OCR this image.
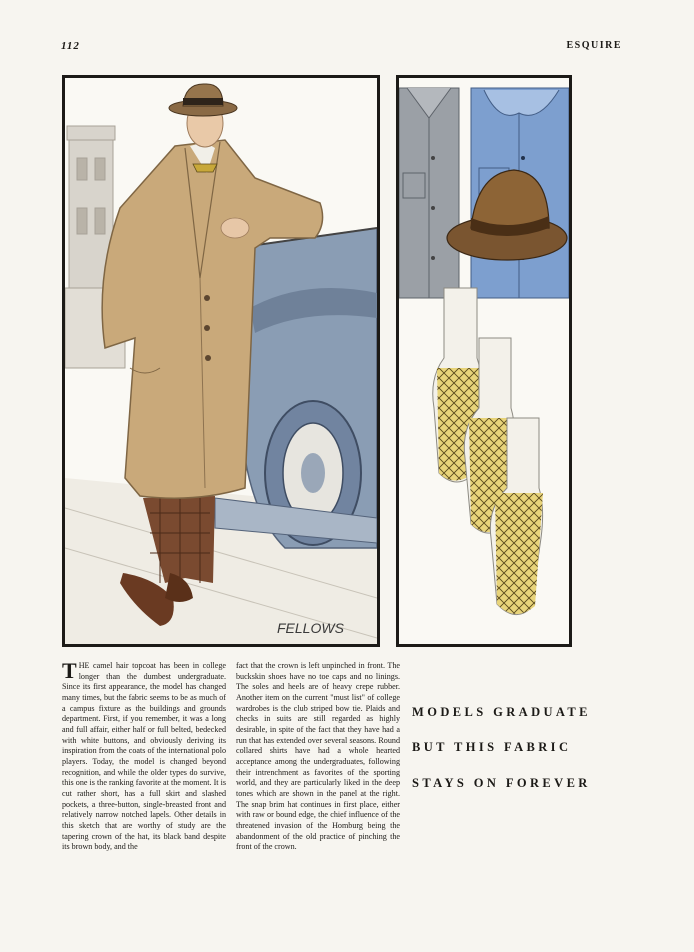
112	ESQUIRE
FELLOWS

THE camel hair topcoat has been in college longer than the dumbest undergraduate. Since its first appearance, the model has changed many times, but the fabric seems to be as much of a campus fixture as the buildings and grounds department. First, if you remember, it was a long and full affair, either half or full belted, bedecked with white buttons, and obviously deriving its inspiration from the coats of the international polo players. Today, the model is changed beyond recognition, and while the older types do survive, this one is the ranking favorite at the moment. It is cut rather short, has a full skirt and slashed pockets, a three-button, single-breasted front and relatively narrow notched lapels. Other details in this sketch that are worthy of study are the tapering crown of the hat, its black band despite its brown body, and the

fact that the crown is left unpinched in front. The buckskin shoes have no toe caps and no linings. The soles and heels are of heavy crepe rubber. Another item on the current "must list" of college wardrobes is the club striped bow tie. Plaids and checks in suits are still regarded as highly desirable, in spite of the fact that they have had a run that has extended over several seasons. Round collared shirts have had a whole hearted acceptance among the undergraduates, following their intrenchment as favorites of the sporting world, and they are particularly liked in the deep tones which are shown in the panel at the right. The snap brim hat continues in first place, either with raw or bound edge, the chief influence of the threatened invasion of the Homburg being the abandonment of the old practice of pinching the front of the crown.

MODELS GRADUATE
BUT THIS FABRIC
STAYS ON FOREVER
